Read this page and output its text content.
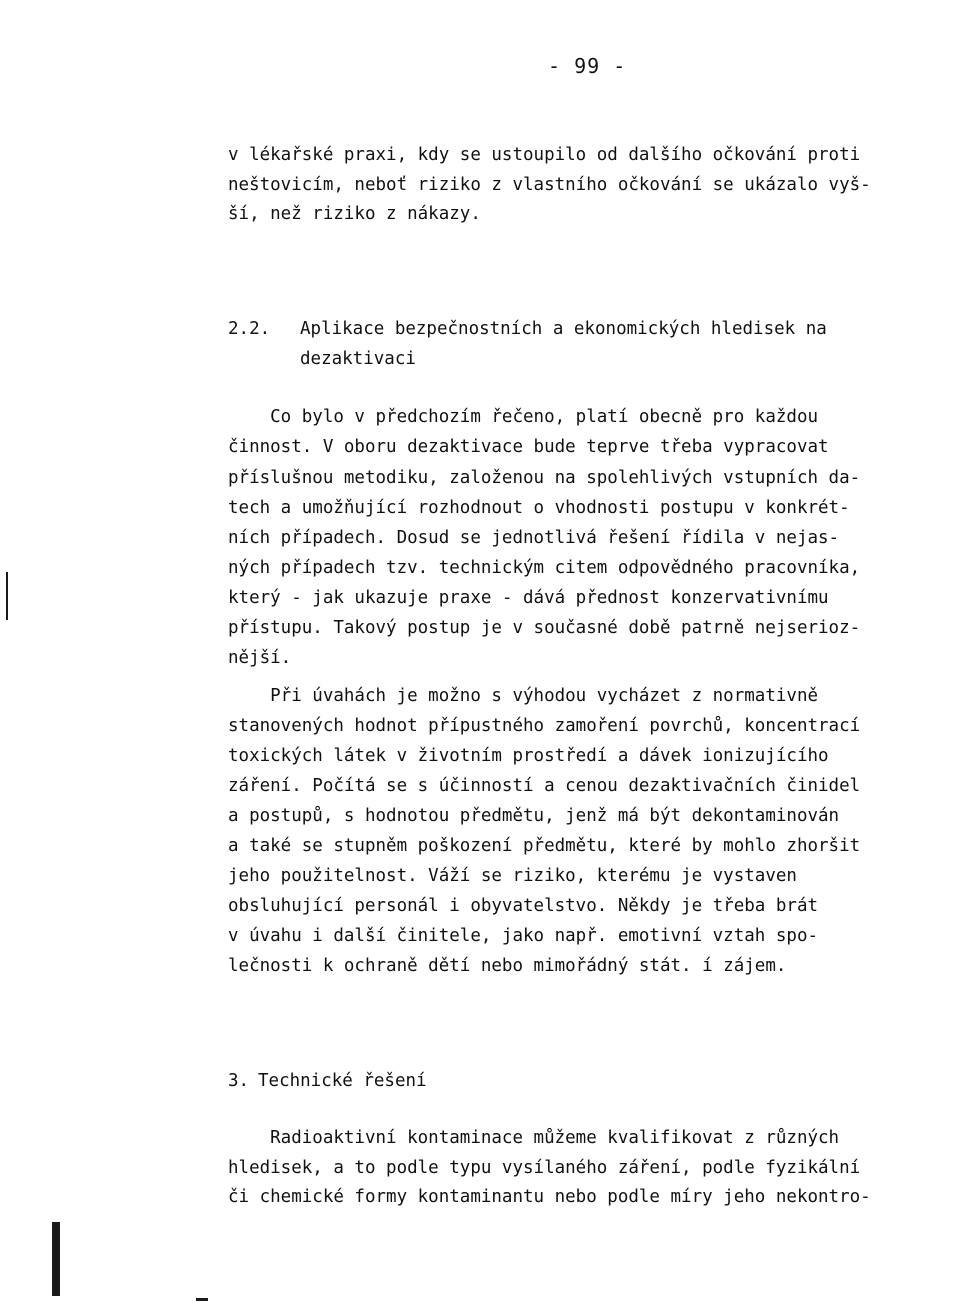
- 99 -
v lékařské praxi, kdy se ustoupilo od dalšího očkování proti
neštovicím, neboť riziko z vlastního očkování se ukázalo vyš-
ší, než riziko z nákazy.
2.2. Aplikace bezpečnostních a ekonomických hledisek na
dezaktivaci
Co bylo v předchozím řečeno, platí obecně pro každou
činnost. V oboru dezaktivace bude teprve třeba vypracovat
příslušnou metodiku, založenou na spolehlivých vstupních da-
tech a umožňující rozhodnout o vhodnosti postupu v konkrét-
ních případech. Dosud se jednotlivá řešení řídila v nejas-
ných případech tzv. technickým citem odpovědného pracovníka,
který - jak ukazuje praxe - dává přednost konzervativnímu
přístupu. Takový postup je v současné době patrně nejserioz-
nější.
Při úvahách je možno s výhodou vycházet z normativně
stanovených hodnot přípustného zamoření povrchů, koncentrací
toxických látek v životním prostředí a dávek ionizujícího
záření. Počítá se s účinností a cenou dezaktivačních činidel
a postupů, s hodnotou předmětu, jenž má být dekontaminován
a také se stupněm poškození předmětu, které by mohlo zhoršit
jeho použitelnost. Váží se riziko, kterému je vystaven
obsluhující personál i obyvatelstvo. Někdy je třeba brát
v úvahu i další činitele, jako např. emotivní vztah spo-
lečnosti k ochraně dětí nebo mimořádný stát. í zájem.
3. Technické řešení
Radioaktivní kontaminace můžeme kvalifikovat z různých
hledisek, a to podle typu vysílaného záření, podle fyzikální
či chemické formy kontaminantu nebo podle míry jeho nekontro-
